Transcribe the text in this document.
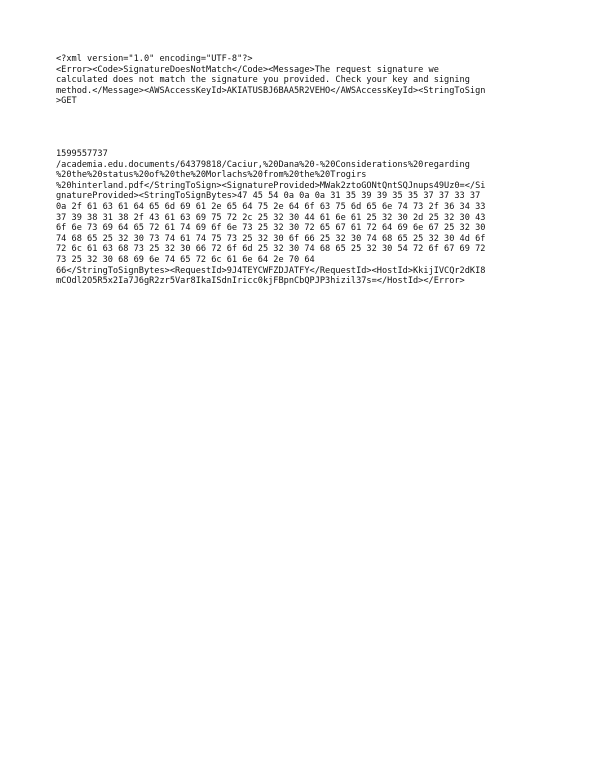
<?xml version="1.0" encoding="UTF-8"?>
<Error><Code>SignatureDoesNotMatch</Code><Message>The request signature we
calculated does not match the signature you provided. Check your key and signing
method.</Message><AWSAccessKeyId>AKIATUSBJ6BAA5R2VEHO</AWSAccessKeyId><StringToSign
>GET
1599557737
/academia.edu.documents/64379818/Caciur,%20Dana%20-%20Considerations%20regarding
%20the%20status%20of%20the%20Morlachs%20from%20the%20Trogirs
%20hinterland.pdf</StringToSign><SignatureProvided>MWak2ztoGONtQntSQJnups49Uz0=</Si
gnatureProvided><StringToSignBytes>47 45 54 0a 0a 0a 31 35 39 39 35 35 37 37 33 37
0a 2f 61 63 61 64 65 6d 69 61 2e 65 64 75 2e 64 6f 63 75 6d 65 6e 74 73 2f 36 34 33
37 39 38 31 38 2f 43 61 63 69 75 72 2c 25 32 30 44 61 6e 61 25 32 30 2d 25 32 30 43
6f 6e 73 69 64 65 72 61 74 69 6f 6e 73 25 32 30 72 65 67 61 72 64 69 6e 67 25 32 30
74 68 65 25 32 30 73 74 61 74 75 73 25 32 30 6f 66 25 32 30 74 68 65 25 32 30 4d 6f
72 6c 61 63 68 73 25 32 30 66 72 6f 6d 25 32 30 74 68 65 25 32 30 54 72 6f 67 69 72
73 25 32 30 68 69 6e 74 65 72 6c 61 6e 64 2e 70 64
66</StringToSignBytes><RequestId>9J4TEYCWFZDJATFY</RequestId><HostId>KkijIVCQr2dKI8
mCOdl2O5R5x2Ia7J6gR2zr5Var8IkaISdnIricc0kjFBpnCbQPJP3hizil37s=</HostId></Error>
